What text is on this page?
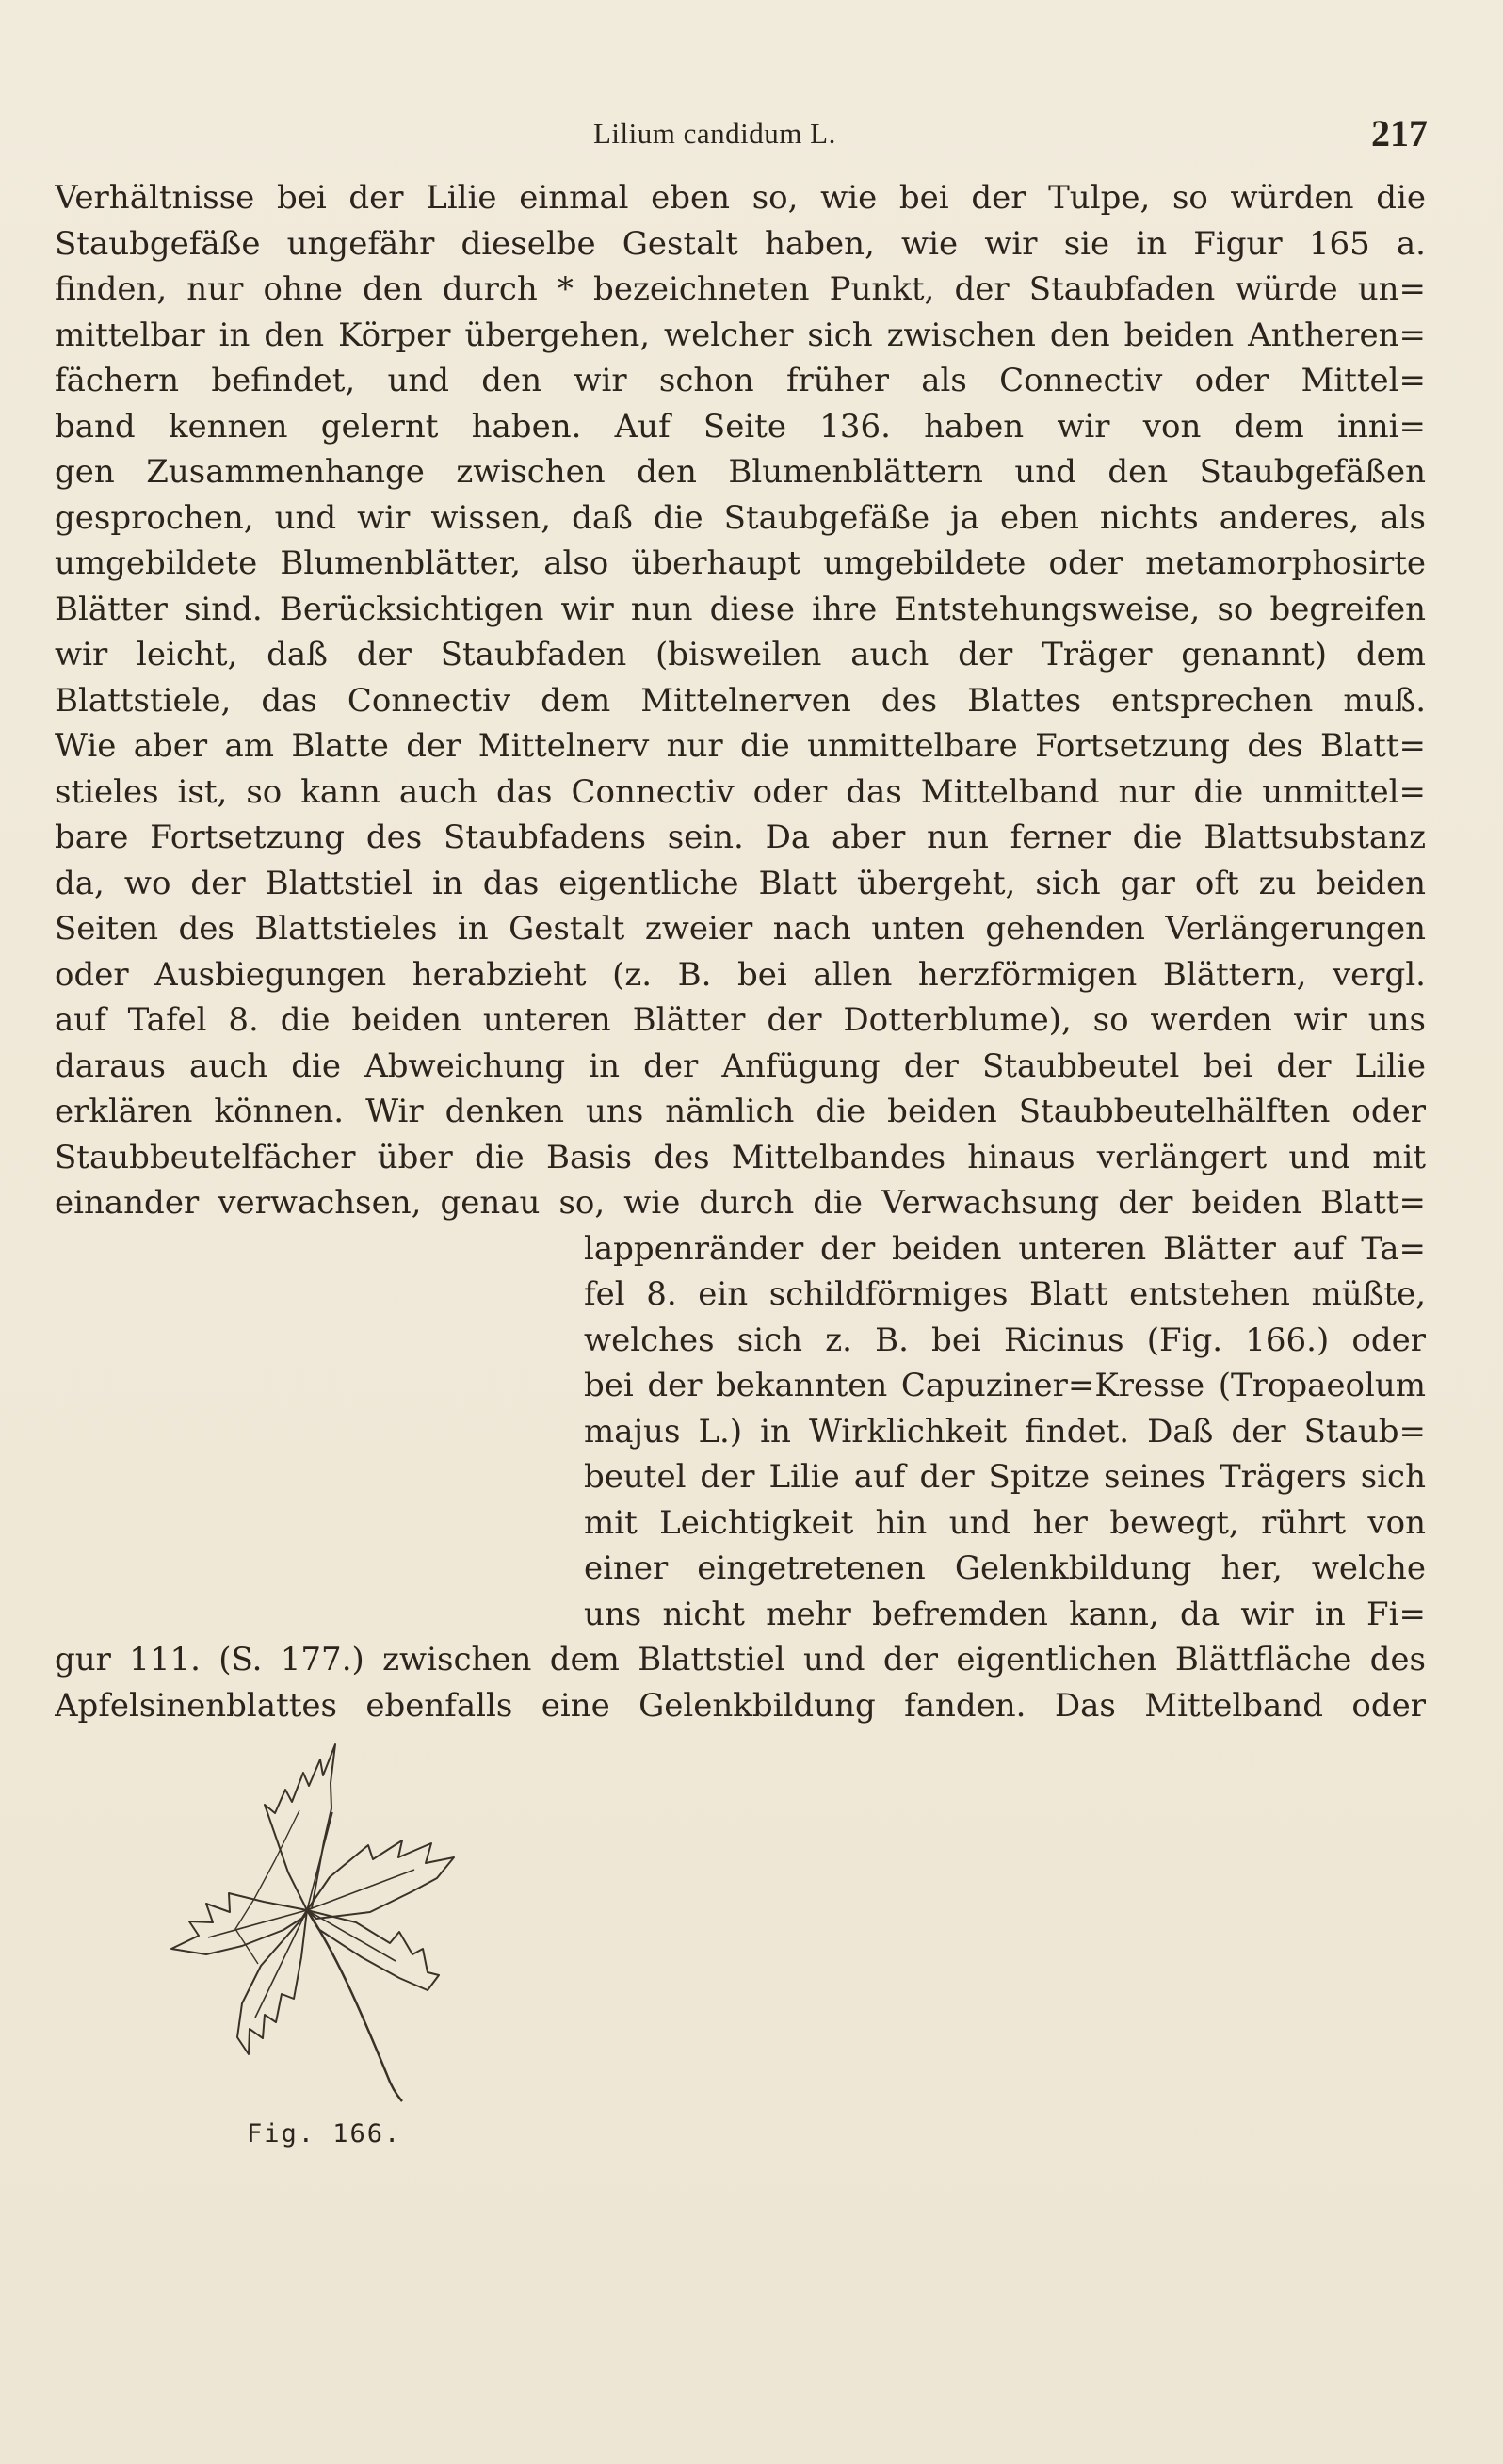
Lilium candidum L.	217
Verhältnisse bei der Lilie einmal eben so, wie bei der Tulpe, so würden die
Staubgefäße ungefähr dieselbe Gestalt haben, wie wir sie in Figur 165 a.
finden, nur ohne den durch * bezeichneten Punkt, der Staubfaden würde un=
mittelbar in den Körper übergehen, welcher sich zwischen den beiden Antheren=
fächern befindet, und den wir schon früher als Connectiv oder Mittel=
band kennen gelernt haben. Auf Seite 136. haben wir von dem inni=
gen Zusammenhange zwischen den Blumenblättern und den Staubgefäßen
gesprochen, und wir wissen, daß die Staubgefäße ja eben nichts anderes, als
umgebildete Blumenblätter, also überhaupt umgebildete oder metamorphosirte
Blätter sind. Berücksichtigen wir nun diese ihre Entstehungsweise, so begreifen
wir leicht, daß der Staubfaden (bisweilen auch der Träger genannt) dem
Blattstiele, das Connectiv dem Mittelnerven des Blattes entsprechen muß.
Wie aber am Blatte der Mittelnerv nur die unmittelbare Fortsetzung des Blatt=
stieles ist, so kann auch das Connectiv oder das Mittelband nur die unmittel=
bare Fortsetzung des Staubfadens sein. Da aber nun ferner die Blattsubstanz
da, wo der Blattstiel in das eigentliche Blatt übergeht, sich gar oft zu beiden
Seiten des Blattstieles in Gestalt zweier nach unten gehenden Verlängerungen
oder Ausbiegungen herabzieht (z. B. bei allen herzförmigen Blättern, vergl.
auf Tafel 8. die beiden unteren Blätter der Dotterblume), so werden wir uns
daraus auch die Abweichung in der Anfügung der Staubbeutel bei der Lilie
erklären können. Wir denken uns nämlich die beiden Staubbeutelhälften oder
Staubbeutelfächer über die Basis des Mittelbandes hinaus verlängert und mit
einander verwachsen, genau so, wie durch die Verwachsung der beiden Blatt=
lappenränder der beiden unteren Blätter auf Ta=
fel 8. ein schildförmiges Blatt entstehen müßte,
welches sich z. B. bei Ricinus (Fig. 166.) oder
bei der bekannten Capuziner=Kresse (Tropaeolum
majus L.) in Wirklichkeit findet. Daß der Staub=
beutel der Lilie auf der Spitze seines Trägers sich
mit Leichtigkeit hin und her bewegt, rührt von
einer eingetretenen Gelenkbildung her, welche
uns nicht mehr befremden kann, da wir in Fi=
gur 111. (S. 177.) zwischen dem Blattstiel und der eigentlichen Blättfläche des
Apfelsinenblattes ebenfalls eine Gelenkbildung fanden. Das Mittelband oder
Fig. 166.
